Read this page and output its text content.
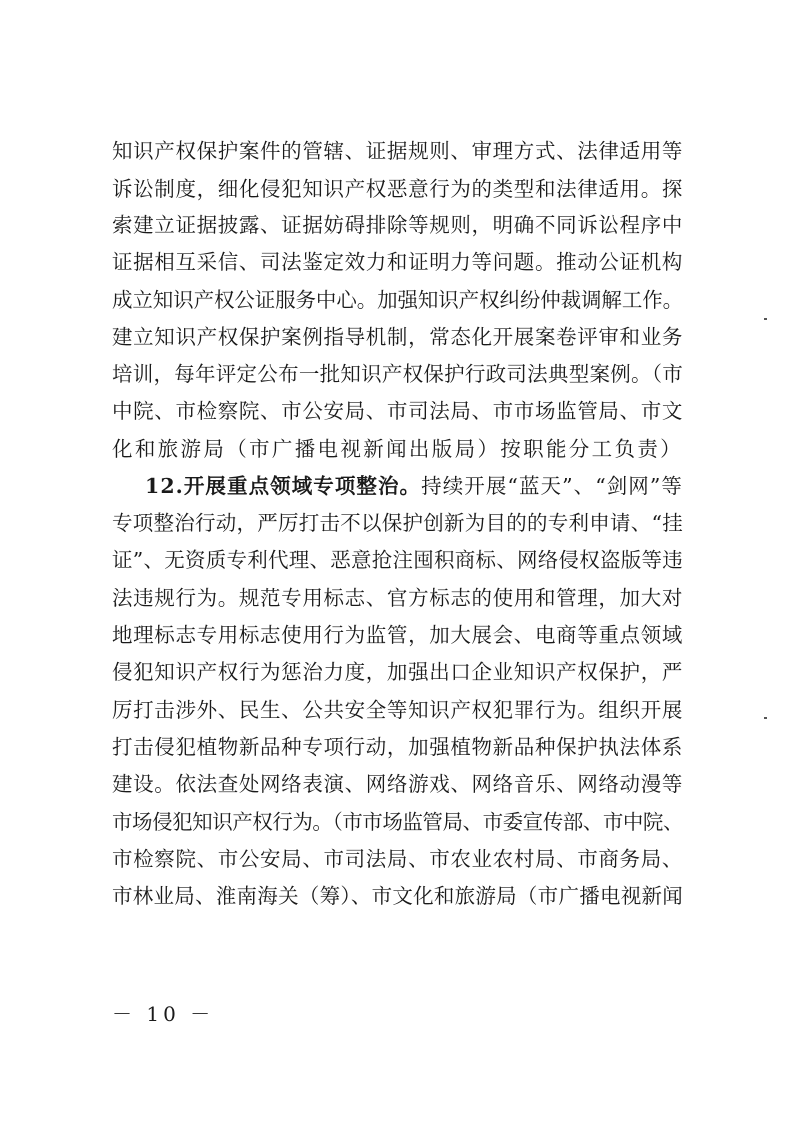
知识产权保护案件的管辖、证据规则、审理方式、法律适用等
诉讼制度，细化侵犯知识产权恶意行为的类型和法律适用。探
索建立证据披露、证据妨碍排除等规则，明确不同诉讼程序中
证据相互采信、司法鉴定效力和证明力等问题。推动公证机构
成立知识产权公证服务中心。加强知识产权纠纷仲裁调解工作。
建立知识产权保护案例指导机制，常态化开展案卷评审和业务
培训，每年评定公布一批知识产权保护行政司法典型案例。（市
中院、市检察院、市公安局、市司法局、市市场监管局、市文
化和旅游局（市广播电视新闻出版局）按职能分工负责）
12.开展重点领域专项整治。持续开展“蓝天”、“剑网”等
专项整治行动，严厉打击不以保护创新为目的的专利申请、“挂
证”、无资质专利代理、恶意抢注囤积商标、网络侵权盗版等违
法违规行为。规范专用标志、官方标志的使用和管理，加大对
地理标志专用标志使用行为监管，加大展会、电商等重点领域
侵犯知识产权行为惩治力度，加强出口企业知识产权保护，严
厉打击涉外、民生、公共安全等知识产权犯罪行为。组织开展
打击侵犯植物新品种专项行动，加强植物新品种保护执法体系
建设。依法查处网络表演、网络游戏、网络音乐、网络动漫等
市场侵犯知识产权行为。（市市场监管局、市委宣传部、市中院、
市检察院、市公安局、市司法局、市农业农村局、市商务局、
市林业局、淮南海关（筹）、市文化和旅游局（市广播电视新闻
－ 10 －
